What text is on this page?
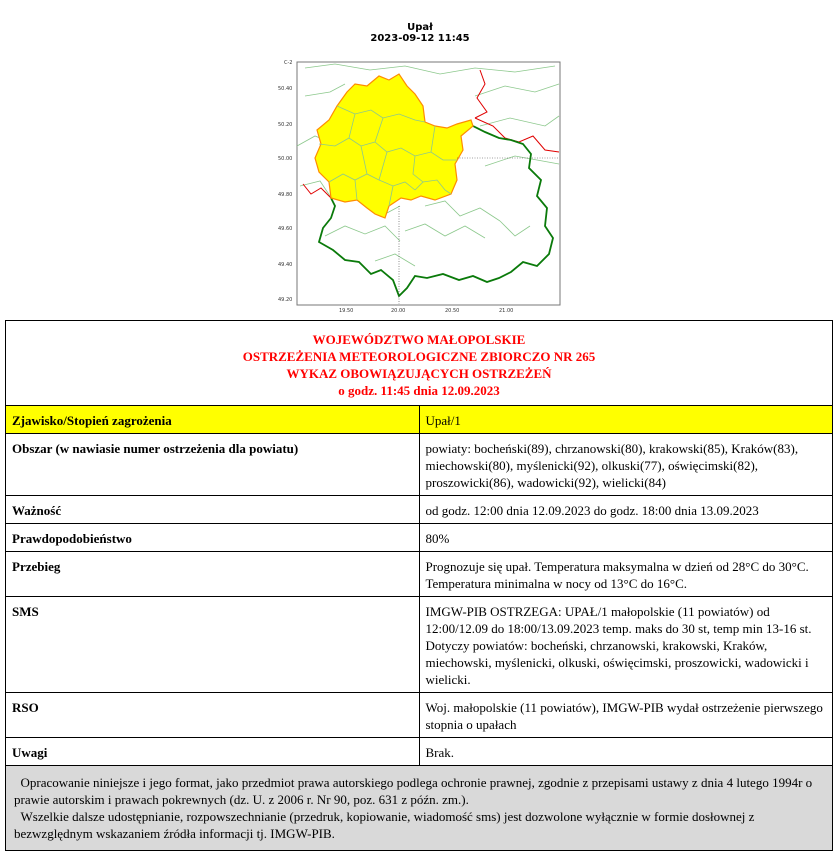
Upał
2023-09-12 11:45
C-2
50.40
50.20
50.00
49.80
49.60
49.40
49.20
19.50	20.00	20.50	21.00
WOJEWÓDZTWO MAŁOPOLSKIE
OSTRZEŻENIA METEOROLOGICZNE ZBIORCZO NR 265
WYKAZ OBOWIĄZUJĄCYCH OSTRZEŻEŃ
o godz. 11:45 dnia 12.09.2023	

Zjawisko/Stopień zagrożenia	Upał/1
Obszar (w nawiasie numer ostrzeżenia dla powiatu)	powiaty: bocheński(89), chrzanowski(80), krakowski(85), Kraków(83), miechowski(80), myślenicki(92), olkuski(77), oświęcimski(82), proszowicki(86), wadowicki(92), wielicki(84)
Ważność	od godz. 12:00 dnia 12.09.2023 do godz. 18:00 dnia 13.09.2023
Prawdopodobieństwo	80%
Przebieg	Prognozuje się upał. Temperatura maksymalna w dzień od 28°C do 30°C. Temperatura minimalna w nocy od 13°C do 16°C.
SMS	IMGW-PIB OSTRZEGA: UPAŁ/1 małopolskie (11 powiatów) od 12:00/12.09 do 18:00/13.09.2023 temp. maks do 30 st, temp min 13-16 st. Dotyczy powiatów: bocheński, chrzanowski, krakowski, Kraków, miechowski, myślenicki, olkuski, oświęcimski, proszowicki, wadowicki i wielicki.
RSO	Woj. małopolskie (11 powiatów), IMGW-PIB wydał ostrzeżenie pierwszego stopnia o upałach
Uwagi	Brak.

Opracowanie niniejsze i jego format, jako przedmiot prawa autorskiego podlega ochronie prawnej, zgodnie z przepisami ustawy z dnia 4 lutego 1994r o prawie autorskim i prawach pokrewnych (dz. U. z 2006 r. Nr 90, poz. 631 z późn. zm.).

Wszelkie dalsze udostępnianie, rozpowszechnianie (przedruk, kopiowanie, wiadomość sms) jest dozwolone wyłącznie w formie dosłownej z bezwzględnym wskazaniem źródła informacji tj. IMGW-PIB.	
